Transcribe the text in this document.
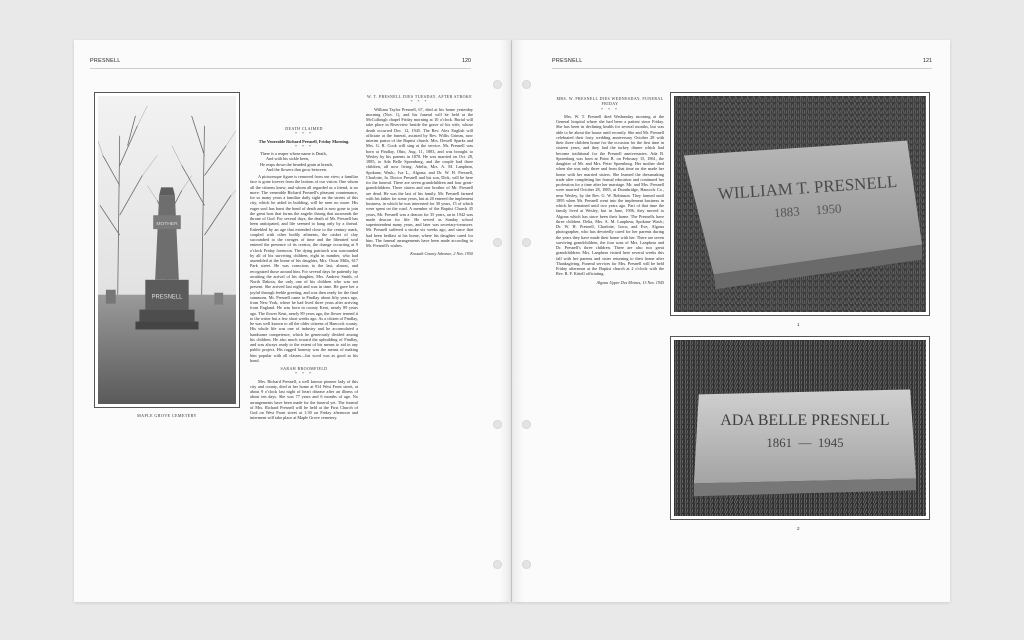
PRESNELL	120
MOTHER
PRESNELL
MAPLE GROVE CEMETERY
DEATH CLAIMED
* * *
The Venerable Richard Presnell, Friday Morning.
* * *
There is a reaper whose name is Death,
And with his sickle keen,
He reaps down the bearded grain at breath,
And the flowers that grow between.

A picturesque figure is removed from our view; a familiar face is gone forever from the bottom of our vision. One whom all the citizens knew, and whom all regarded as a friend, is no more. The venerable Richard Presnell's pleasant countenance, for so many years a familiar daily sight on the streets of this city, which he aided in building, will be seen no more. His eager soul has burst the bond of death and is now gone to join the great host that forms the angelic throng that surrounds the throne of God. For several days, the death of Mr. Presnell has been anticipated, and life seemed to hang only by a thread. Enfeebled by an age that extended close to the century mark, coupled with other bodily ailments, the casket of clay succumbed to the ravages of time and the liberated soul entered the presence of its creator, the change occurring at 9 o'clock Friday forenoon. The dying patriarch was surrounded by all of his surviving children, eight in number, who had assembled at the home of his daughter, Mrs. Oscar Mills, 617 Park street. He was conscious to the last, almost, and recognized those around him. For several days he patiently lay awaiting the arrival of his daughter, Mrs. Andrew Smith, of North Dakota, the only one of his children who was not present. She arrived last night and was in time. He gave her a joyful through feeble greeting, and was then ready for the final summons. Mr. Presnell came to Findlay about fifty years ago, from New York, where he had lived three years after arriving from England. He was born in county Kent, nearly 89 years ago. The flower Kent, nearly 89 years ago, the flower termed it to the writer but a few short weeks ago. As a citizen of Findlay, he was well known to all the older citizens of Hancock county. His whole life was one of industry and he accumulated a handsome competence, which he generously divided among his children. He also much toward the upbuilding of Findlay, and was always ready to the extent of his means to aid in any public project. His rugged honesty was the means of making him popular with all classes—his word was as good as his bond.

SARAH BROOMFIELD
* * *

Mrs. Richard Presnell, a well known pioneer lady of this city and county, died at her home at 914 West Front street, at about 9 o'clock last night of heart disease after an illness of about ten days. She was 77 years and 6 months of age. No arrangements have been made for the funeral yet. The funeral of Mrs. Richard Presnell will be held at the First Church of God on West Front street at 1:30 on Friday afternoon and interment will take place at Maple Grove cemetery.

W. T. PRESNELL DIES TUESDAY, AFTER STROKE
* * *

William Taylor Presnell, 67, died at his home yesterday morning (Nov. 1), and his funeral will be held at the McCullough chapel Friday morning at 10 o'clock. Burial will take place in Riverview beside the grave of his wife, whose death occurred Dec. 12, 1945. The Rev. Alex English will officiate at the funeral, assisted by Rev. Willis Grimm, now interim pastor of the Baptist church. Mrs. Dewell Sparks and Mrs. G. R. Cook will sing at the service. Mr. Presnell was born at Findlay, Ohio, Aug. 11, 1883, and was brought to Wesley by his parents in 1878. He was married on Oct. 28, 1885, to Ada Belle Spoenburg, and the couple had three children, all now living: Adelia, Mrs. A. M. Lanphear, Spokane, Wash.; Iva L., Algona; and Dr. W. H. Presnell, Charlotte, Ia. Doctor Presnell and his son, Dick, will be here for the funeral. There are seven grandchildren and four great-grandchildren. There sisters and one brother of Mr. Presnell are dead. He was the last of his family. Mr. Presnell farmed with his father for some years, but at 20 entered the implement business, in which he was interested for 30 years, 15 of which were spent on the road. A member of the Baptist Church 45 years, Mr. Presnell was a deacon for 35 years, an in 1942 was made deacon for life. He served as Sunday school superintendent many years, and later was secretary-treasurer. Mr. Presnell suffered a stroke six weeks ago, and since that had been bedfast at his home, where his daughter cared for him. The funeral arrangements have been made according to Mr. Presnell's wishes.

Kossuth County Advance, 2 Nov. 1950
PRESNELL	121
MRS. W. PRESNELL DIES WEDNESDAY, FUNERAL FRIDAY
* * *

Mrs. W. T. Presnell died Wednesday morning at the General hospital where she had been a patient since Friday. She has been in declining health for several months, but was able to be about the house until recently. She and Mr. Presnell celebrated their forty wedding anniversary October 28 with their three children home for the occasion for the first time in sixteen years, and they had the turkey dinner which had become traditional for the Presnell anniversaries. Ada B. Spoenburg was born at Point B. on February 15, 1861, the daughter of Mr. and Mrs. Peter Spoenburg. Her mother died when she was only three and from that time on she made her home with her married sisters. She learned the dressmaking trade after completing her formal education and continued her profession for a time after her marriage. Mr. and Mrs. Presnell were married October 28, 1885, at Doonbridge, Hancock Co., near Wesley, by the Rev. G. W. Robinson. They farmed until 1895 when Mr. Presnell went into the implement business in which he remained until two years ago. Part of that time the family lived at Wesley, but in June, 1906, they moved to Algona which has since been their home. The Presnells have three children. Delia, Mrs. A. M. Lanphear, Spokane Wash.; Dr. W. H. Presnell, Charlotte, Iowa; and Eve, Algona photographer, who has devotedly cared for her parents during the years they have made their home with her. There are seven surviving grandchildren, the four sons of Mrs. Lanphear and Dr. Presnell's three children. There are also two great grandchildren. Mrs. Lanphear visited here several weeks this fall with her parents and sister returning to their home after Thanksgiving. Funeral services for Mrs. Presnell will be held Friday afternoon at the Baptist church at 2 o'clock with the Rev. R. F. Kittell officiating.

Algona Upper Des Moines, 13 Nov. 1945
WILLIAM T. PRESNELL
1883     1950
1
ADA BELLE PRESNELL
1861  —  1945
2
